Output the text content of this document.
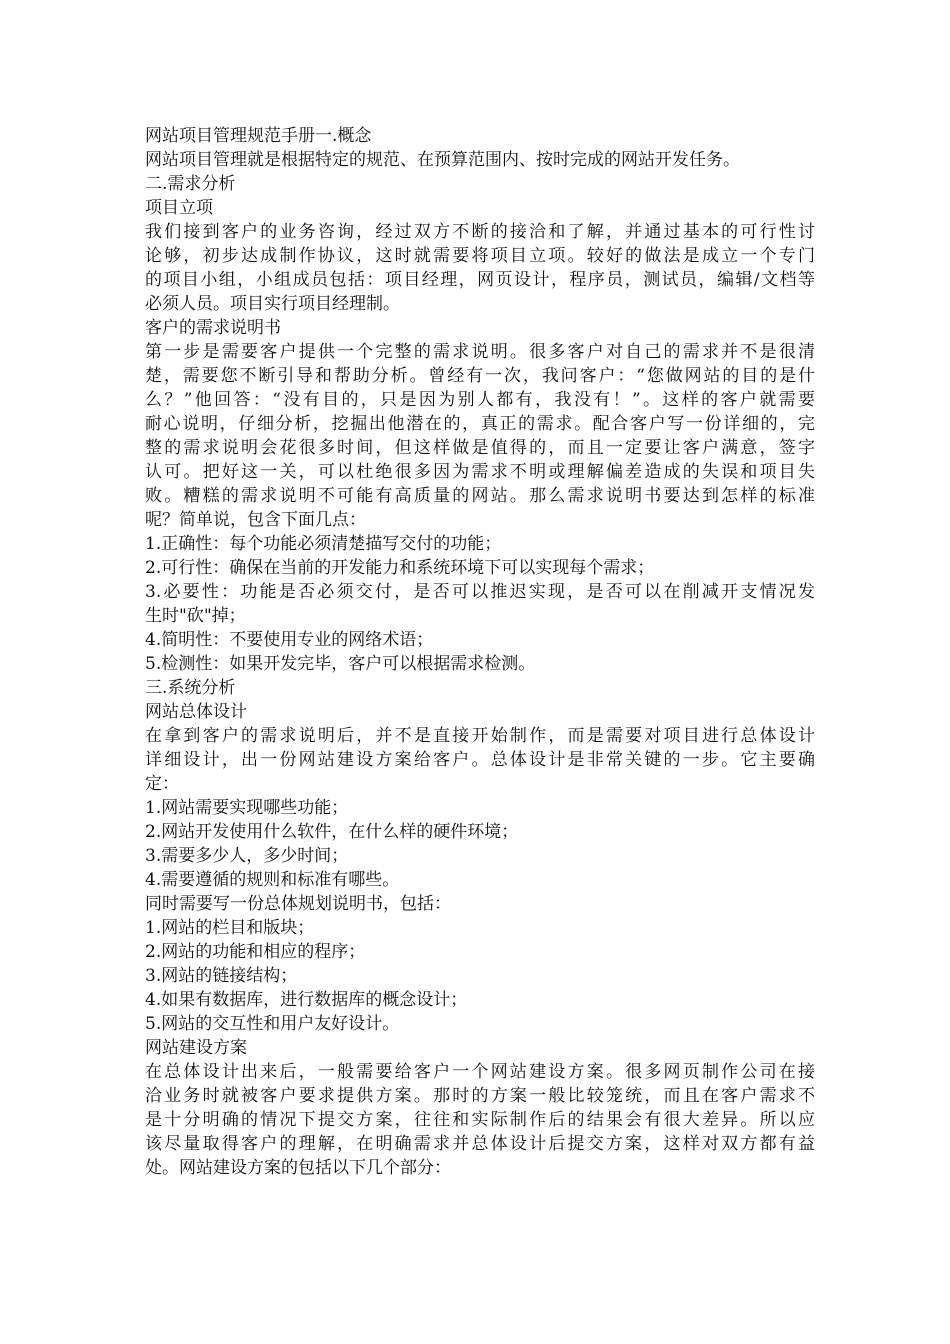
网站项目管理规范手册一.概念
网站项目管理就是根据特定的规范、在预算范围内、按时完成的网站开发任务。
二.需求分析
项目立项
我们接到客户的业务咨询，经过双方不断的接洽和了解，并通过基本的可行性讨
论够，初步达成制作协议，这时就需要将项目立项。较好的做法是成立一个专门
的项目小组，小组成员包括：项目经理，网页设计，程序员，测试员，编辑/文档等
必须人员。项目实行项目经理制。
客户的需求说明书
第一步是需要客户提供一个完整的需求说明。很多客户对自己的需求并不是很清
楚，需要您不断引导和帮助分析。曾经有一次，我问客户：“您做网站的目的是什
么？”他回答：“没有目的，只是因为别人都有，我没有！”。这样的客户就需要
耐心说明，仔细分析，挖掘出他潜在的，真正的需求。配合客户写一份详细的，完
整的需求说明会花很多时间，但这样做是值得的，而且一定要让客户满意，签字
认可。把好这一关，可以杜绝很多因为需求不明或理解偏差造成的失误和项目失
败。糟糕的需求说明不可能有高质量的网站。那么需求说明书要达到怎样的标准
呢？简单说，包含下面几点：
1.正确性：每个功能必须清楚描写交付的功能；
2.可行性：确保在当前的开发能力和系统环境下可以实现每个需求；
3.必要性：功能是否必须交付，是否可以推迟实现，是否可以在削减开支情况发
生时"砍"掉；
4.简明性：不要使用专业的网络术语；
5.检测性：如果开发完毕，客户可以根据需求检测。
三.系统分析
网站总体设计
在拿到客户的需求说明后，并不是直接开始制作，而是需要对项目进行总体设计
详细设计，出一份网站建设方案给客户。总体设计是非常关键的一步。它主要确
定：
1.网站需要实现哪些功能；
2.网站开发使用什么软件，在什么样的硬件环境；
3.需要多少人，多少时间；
4.需要遵循的规则和标准有哪些。
同时需要写一份总体规划说明书，包括：
1.网站的栏目和版块；
2.网站的功能和相应的程序；
3.网站的链接结构；
4.如果有数据库，进行数据库的概念设计；
5.网站的交互性和用户友好设计。
网站建设方案
在总体设计出来后，一般需要给客户一个网站建设方案。很多网页制作公司在接
洽业务时就被客户要求提供方案。那时的方案一般比较笼统，而且在客户需求不
是十分明确的情况下提交方案，往往和实际制作后的结果会有很大差异。所以应
该尽量取得客户的理解，在明确需求并总体设计后提交方案，这样对双方都有益
处。网站建设方案的包括以下几个部分：
